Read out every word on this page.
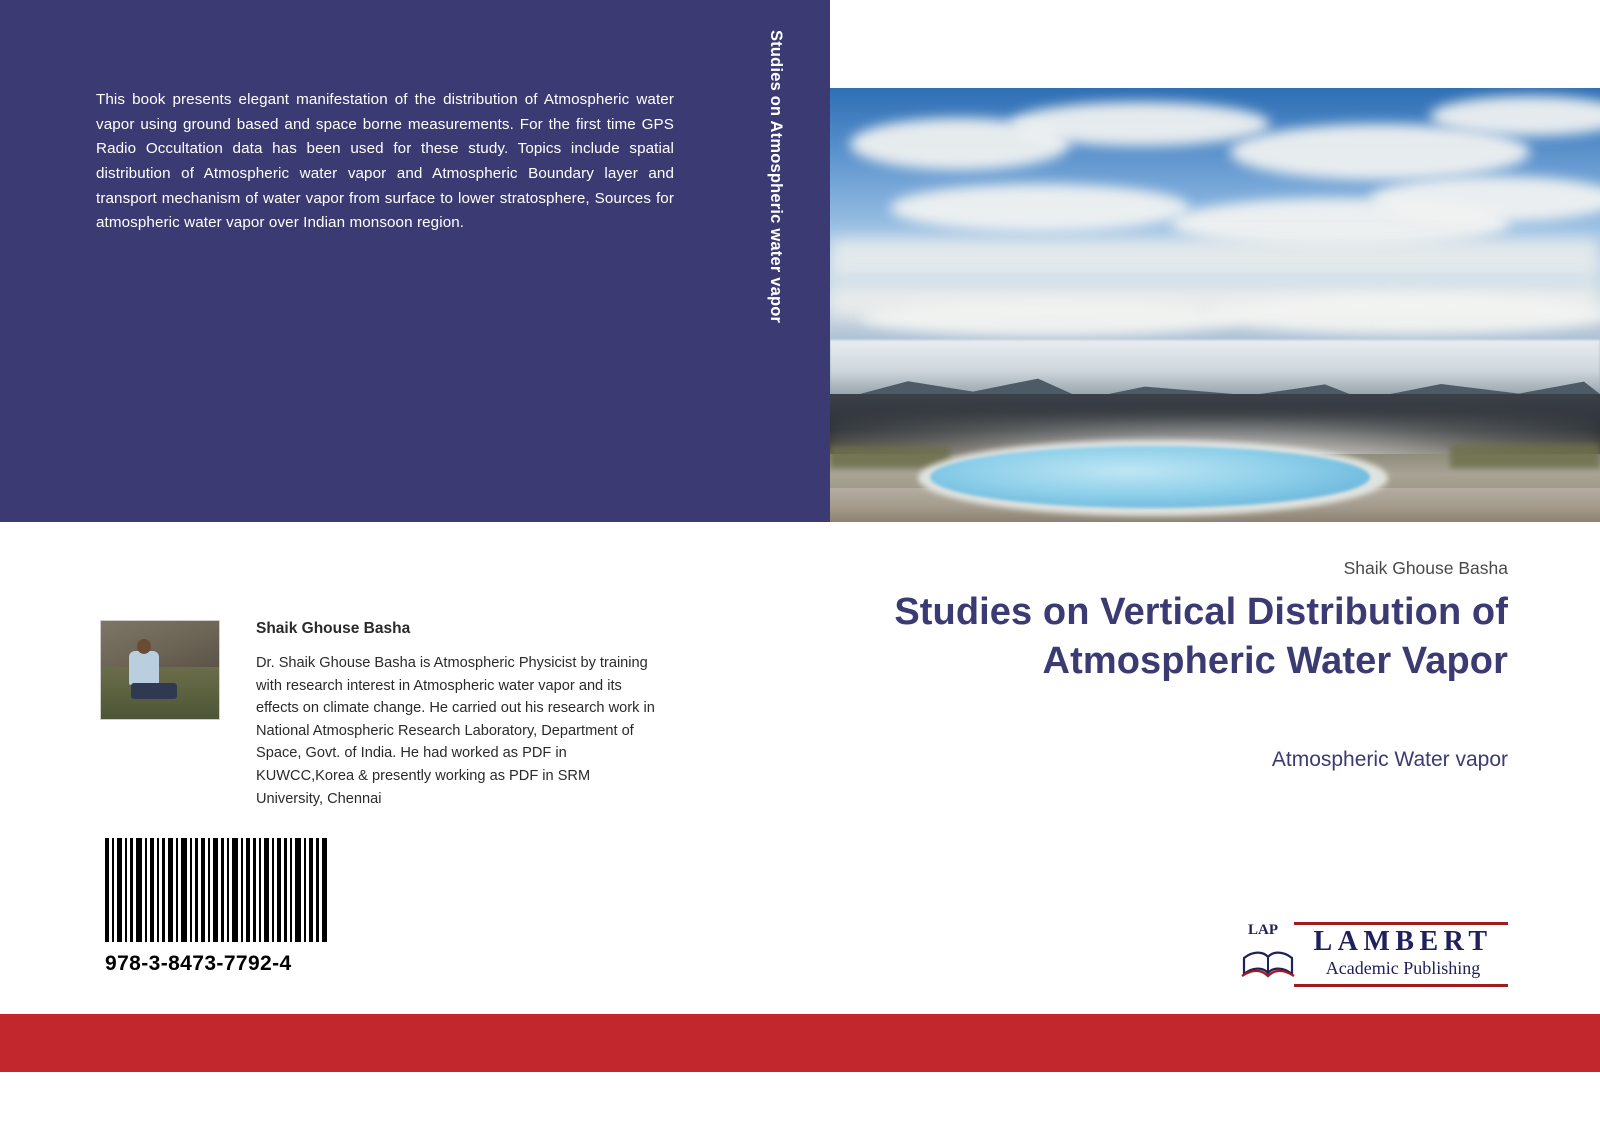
This book presents elegant manifestation of the distribution of Atmospheric water vapor using ground based and space borne measurements. For the first time GPS Radio Occultation data has been used for these study. Topics include spatial distribution of Atmospheric water vapor and Atmospheric Boundary layer and transport mechanism of water vapor from surface to lower stratosphere, Sources for atmospheric water vapor over Indian monsoon region.	Studies on Atmospheric water vapor
Shaik Ghouse Basha
Studies on Vertical Distribution of Atmospheric Water Vapor
Atmospheric Water vapor
Shaik Ghouse Basha
Dr. Shaik Ghouse Basha is Atmospheric Physicist by training with research interest in Atmospheric water vapor and its effects on climate change. He carried out his research work in National Atmospheric Research Laboratory, Department of Space, Govt. of India. He had worked as PDF in KUWCC,Korea & presently working as PDF in SRM University, Chennai
978-3-8473-7792-4
LAP	LAMBERT
Academic Publishing
